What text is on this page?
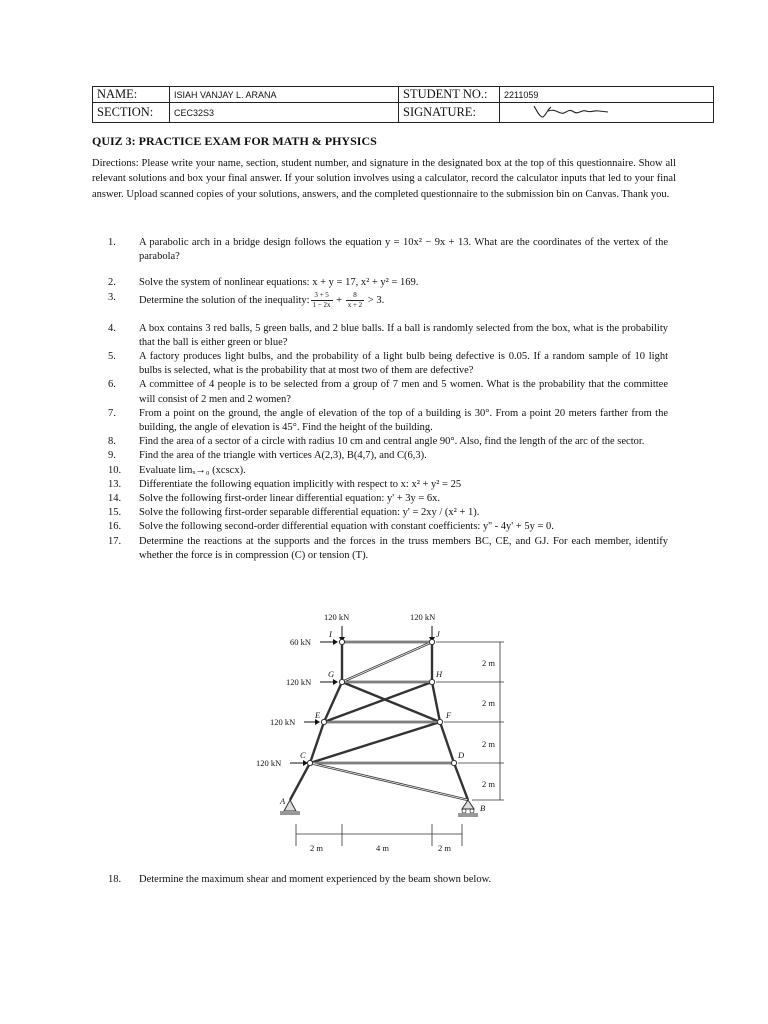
NAME:	ISIAH VANJAY L. ARANA	STUDENT NO.:	2211059
SECTION:	CEC32S3	SIGNATURE:	
QUIZ 3: PRACTICE EXAM FOR MATH & PHYSICS
Directions: Please write your name, section, student number, and signature in the designated box at the top of this questionnaire. Show all relevant solutions and box your final answer. If your solution involves using a calculator, record the calculator inputs that led to your final answer. Upload scanned copies of your solutions, answers, and the completed questionnaire to the submission bin on Canvas. Thank you.
1.	A parabolic arch in a bridge design follows the equation y = 10x² − 9x + 13. What are the coordinates of the vertex of the parabola?
2.	Solve the system of nonlinear equations: x + y = 17, x² + y² = 169.
3.	Determine the solution of the inequality: $\frac{3 + 5}{1 - 2x} + \frac{8}{x + 2} > 3$.
4.	A box contains 3 red balls, 5 green balls, and 2 blue balls. If a ball is randomly selected from the box, what is the probability that the ball is either green or blue?
5.	A factory produces light bulbs, and the probability of a light bulb being defective is 0.05. If a random sample of 10 light bulbs is selected, what is the probability that at most two of them are defective?
6.	A committee of 4 people is to be selected from a group of 7 men and 5 women. What is the probability that the committee will consist of 2 men and 2 women?
7.	From a point on the ground, the angle of elevation of the top of a building is 30°. From a point 20 meters farther from the building, the angle of elevation is 45°. Find the height of the building.
8.	Find the area of a sector of a circle with radius 10 cm and central angle 90°. Also, find the length of the arc of the sector.
9.	Find the area of the triangle with vertices A(2,3), B(4,7), and C(6,3).
10.	Evaluate limₓ→₀ (xcscx).
13.	Differentiate the following equation implicitly with respect to x: x² + y² = 25
14.	Solve the following first-order linear differential equation: y' + 3y = 6x.
15.	Solve the following first-order separable differential equation: y' = 2xy / (x² + 1).
16.	Solve the following second-order differential equation with constant coefficients: y'' - 4y' + 5y = 0.
17.	Determine the reactions at the supports and the forces in the truss members BC, CE, and GJ. For each member, identify whether the force is in compression (C) or tension (T).
120 kN	120 kN
60 kN
120 kN
120 kN
120 kN
I	J
G	H
E	F
C	D
A
B
2 m
2 m
2 m
2 m
2 m	4 m	2 m
18.	Determine the maximum shear and moment experienced by the beam shown below.
